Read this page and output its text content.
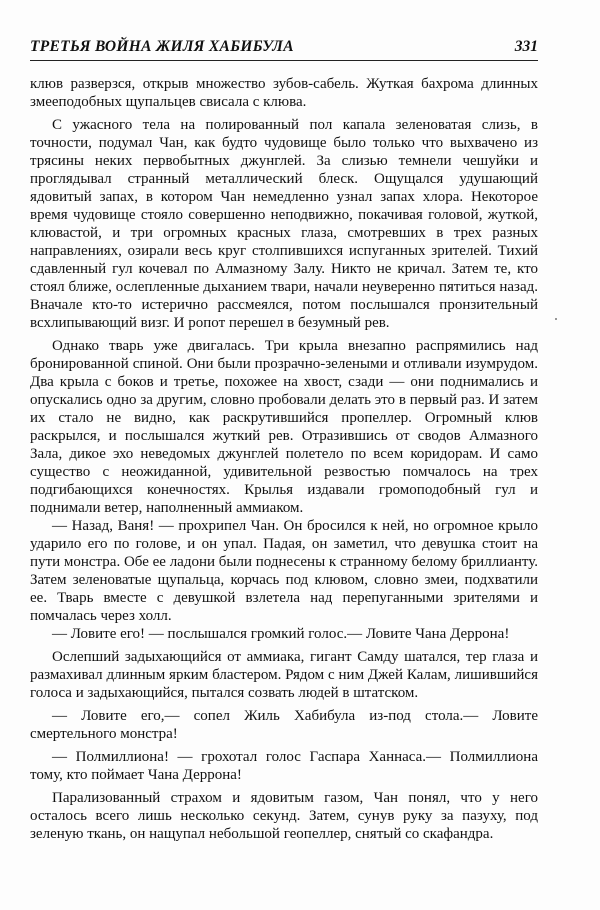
ТРЕТЬЯ ВОЙНА ЖИЛЯ ХАБИБУЛА	331

клюв разверзся, открыв множество зубов-сабель. Жуткая бахрома длинных змееподобных щупальцев свисала с клюва.

С ужасного тела на полированный пол капала зеленоватая слизь, в точности, подумал Чан, как будто чудовище было только что выхвачено из трясины неких первобытных джунглей. За слизью темнели чешуйки и проглядывал странный металлический блеск. Ощущался удушающий ядовитый запах, в котором Чан немедленно узнал запах хлора. Некоторое время чудовище стояло совершенно неподвижно, покачивая головой, жуткой, клювастой, и три огромных красных глаза, смотревших в трех разных направлениях, озирали весь круг столпившихся испуганных зрителей. Тихий сдавленный гул кочевал по Алмазному Залу. Никто не кричал. Затем те, кто стоял ближе, ослепленные дыханием твари, начали неуверенно пятиться назад. Вначале кто-то истерично рассмеялся, потом послышался пронзительный всхлипывающий визг. И ропот перешел в безумный рев.

Однако тварь уже двигалась. Три крыла внезапно распрямились над бронированной спиной. Они были прозрачно-зелеными и отливали изумрудом. Два крыла с боков и третье, похожее на хвост, сзади — они поднимались и опускались одно за другим, словно пробовали делать это в первый раз. И затем их стало не видно, как раскрутившийся пропеллер. Огромный клюв раскрылся, и послышался жуткий рев. Отразившись от сводов Алмазного Зала, дикое эхо неведомых джунглей полетело по всем коридорам. И само существо с неожиданной, удивительной резвостью помчалось на трех подгибающихся конечностях. Крылья издавали громоподобный гул и поднимали ветер, наполненный аммиаком.

— Назад, Ваня! — прохрипел Чан. Он бросился к ней, но огромное крыло ударило его по голове, и он упал. Падая, он заметил, что девушка стоит на пути монстра. Обе ее ладони были поднесены к странному белому бриллианту. Затем зеленоватые щупальца, корчась под клювом, словно змеи, подхватили ее. Тварь вместе с девушкой взлетела над перепуганными зрителями и помчалась через холл.

— Ловите его! — послышался громкий голос.— Ловите Чана Деррона!

Ослепший задыхающийся от аммиака, гигант Самду шатался, тер глаза и размахивал длинным ярким бластером. Рядом с ним Джей Калам, лишившийся голоса и задыхающийся, пытался созвать людей в штатском.

— Ловите его,— сопел Жиль Хабибула из-под стола.— Ловите смертельного монстра!

— Полмиллиона! — грохотал голос Гаспара Ханнаса.— Полмиллиона тому, кто поймает Чана Деррона!

Парализованный страхом и ядовитым газом, Чан понял, что у него осталось всего лишь несколько секунд. Затем, сунув руку за пазуху, под зеленую ткань, он нащупал небольшой геопеллер, снятый со скафандра.
